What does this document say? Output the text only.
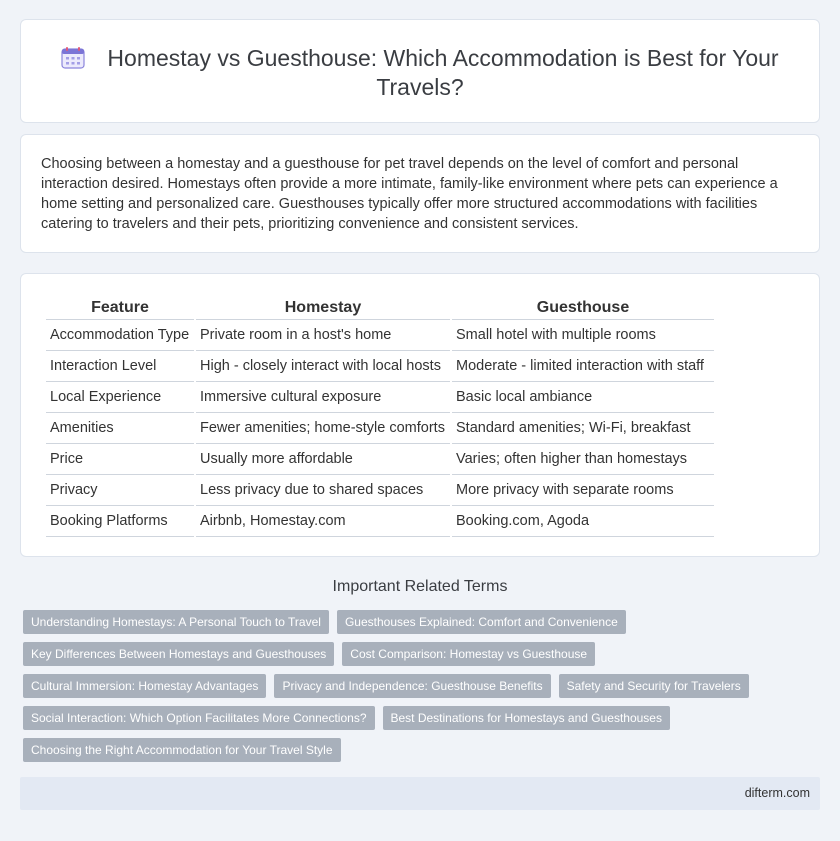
Homestay vs Guesthouse: Which Accommodation is Best for Your Travels?

Choosing between a homestay and a guesthouse for pet travel depends on the level of comfort and personal interaction desired. Homestays often provide a more intimate, family-like environment where pets can experience a home setting and personalized care. Guesthouses typically offer more structured accommodations with facilities catering to travelers and their pets, prioritizing convenience and consistent services.

Feature	Homestay	Guesthouse
Accommodation Type	Private room in a host's home	Small hotel with multiple rooms
Interaction Level	High - closely interact with local hosts	Moderate - limited interaction with staff
Local Experience	Immersive cultural exposure	Basic local ambiance
Amenities	Fewer amenities; home-style comforts	Standard amenities; Wi-Fi, breakfast
Price	Usually more affordable	Varies; often higher than homestays
Privacy	Less privacy due to shared spaces	More privacy with separate rooms
Booking Platforms	Airbnb, Homestay.com	Booking.com, Agoda
Important Related Terms
Understanding Homestays: A Personal Touch to Travel	Guesthouses Explained: Comfort and Convenience
Key Differences Between Homestays and Guesthouses	Cost Comparison: Homestay vs Guesthouse
Cultural Immersion: Homestay Advantages	Privacy and Independence: Guesthouse Benefits	Safety and Security for Travelers
Social Interaction: Which Option Facilitates More Connections?	Best Destinations for Homestays and Guesthouses
Choosing the Right Accommodation for Your Travel Style
difterm.com
